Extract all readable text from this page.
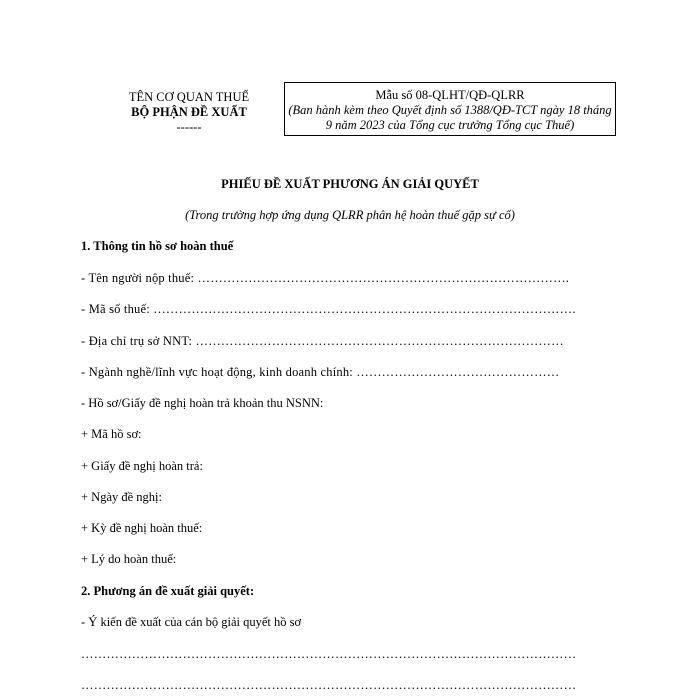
TÊN CƠ QUAN THUẾ
BỘ PHẬN ĐỀ XUẤT
------
Mẫu số 08-QLHT/QĐ-QLRR
(Ban hành kèm theo Quyết định số 1388/QĐ-TCT ngày 18 tháng
9 năm 2023 của Tổng cục trưởng Tổng cục Thuế)
PHIẾU ĐỀ XUẤT PHƯƠNG ÁN GIẢI QUYẾT
(Trong trường hợp ứng dụng QLRR phân hệ hoàn thuế gặp sự cố)
1. Thông tin hồ sơ hoàn thuế
- Tên người nộp thuế: …………………………………………………………………………….
- Mã số thuế: ……………………………………………………………………………………….
- Địa chỉ trụ sở NNT: ……………………………………………………………………………
- Ngành nghề/lĩnh vực hoạt động, kinh doanh chính: …………………………………………
- Hồ sơ/Giấy đề nghị hoàn trả khoản thu NSNN:
+ Mã hồ sơ:
+ Giấy đề nghị hoàn trả:
+ Ngày đề nghị:
+ Kỳ đề nghị hoàn thuế:
+ Lý do hoàn thuế:
2. Phương án đề xuất giải quyết:
- Ý kiến đề xuất của cán bộ giải quyết hồ sơ
………………………………………………………………………………………………………
………………………………………………………………………………………………………
